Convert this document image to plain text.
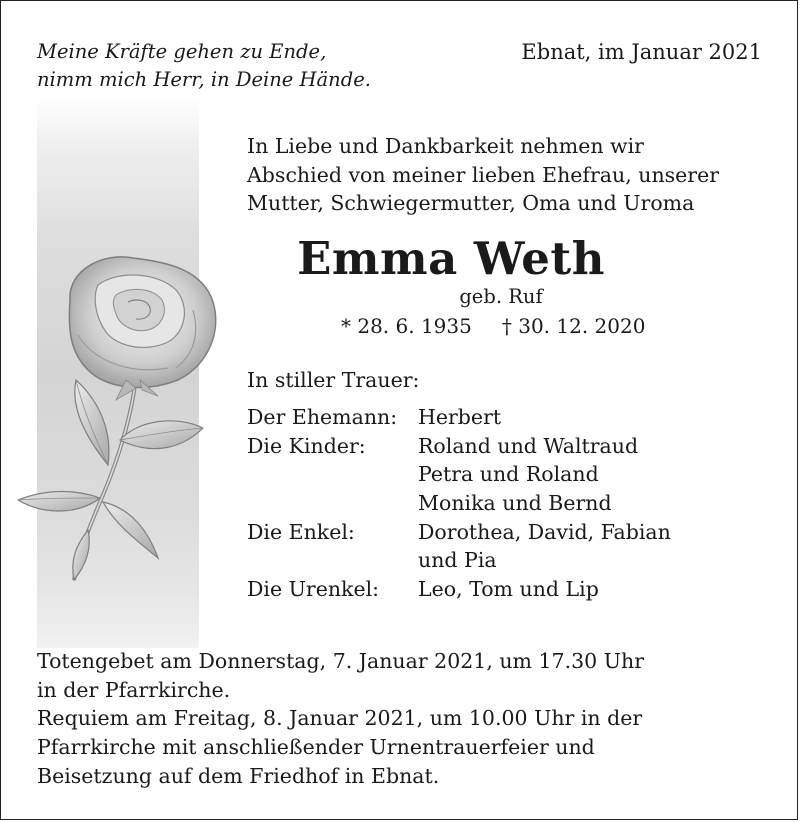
Meine Kräfte gehen zu Ende,
nimm mich Herr, in Deine Hände.
Ebnat, im Januar 2021
In Liebe und Dankbarkeit nehmen wir
Abschied von meiner lieben Ehefrau, unserer
Mutter, Schwiegermutter, Oma und Uroma
Emma Weth
geb. Ruf
* 28. 6. 1935 † 30. 12. 2020
In stiller Trauer:
Der Ehemann: Herbert
Die Kinder:	Roland und Waltraud
Petra und Roland
Monika und Bernd
Die Enkel:	Dorothea, David, Fabian
und Pia
Die Urenkel: Leo, Tom und Lip
Totengebet am Donnerstag, 7. Januar 2021, um 17.30 Uhr
in der Pfarrkirche.
Requiem am Freitag, 8. Januar 2021, um 10.00 Uhr in der
Pfarrkirche mit anschließender Urnentrauerfeier und
Beisetzung auf dem Friedhof in Ebnat.
